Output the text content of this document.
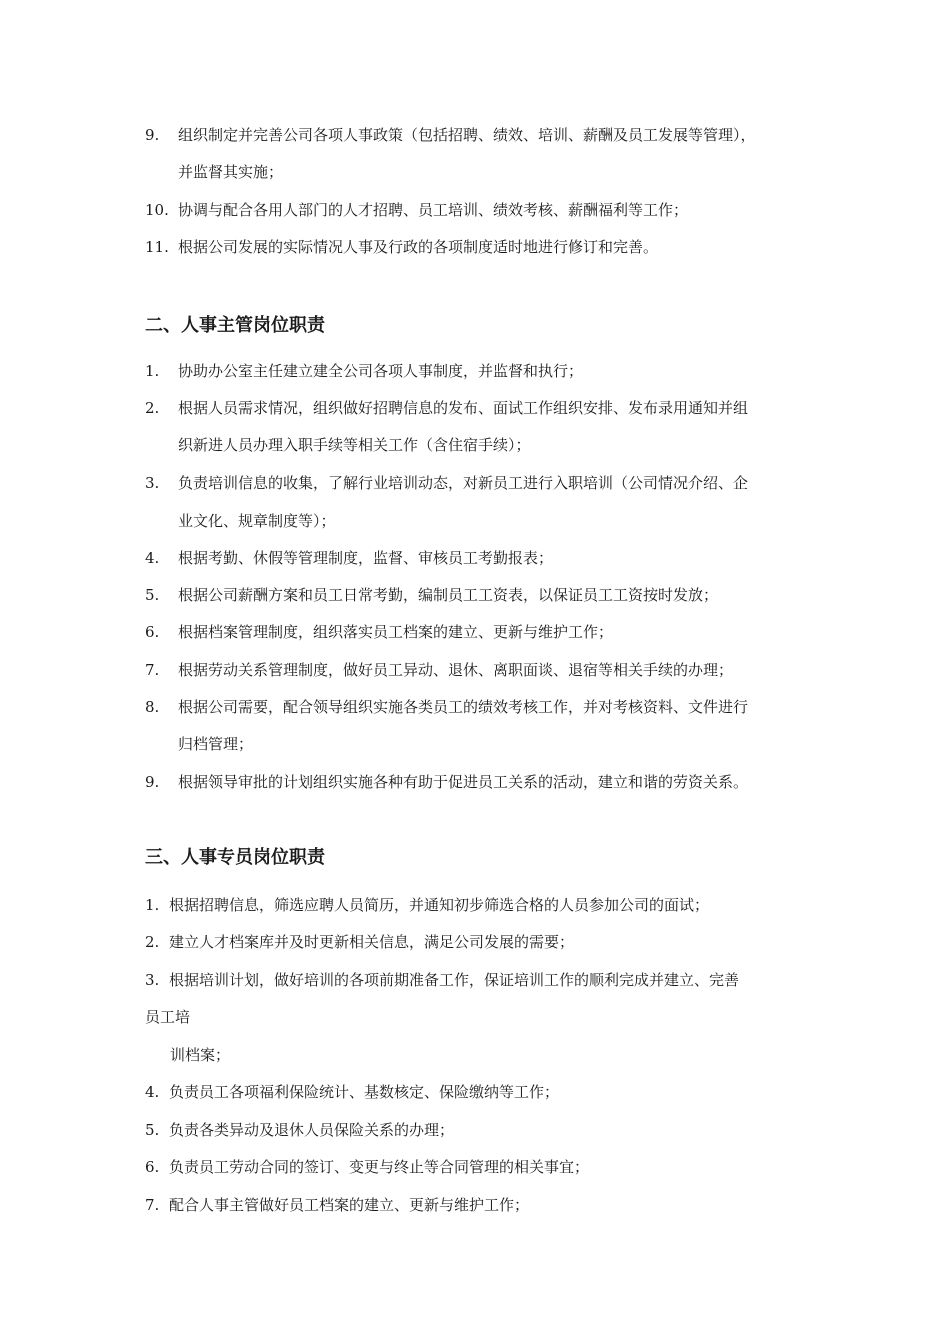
9. 组织制定并完善公司各项人事政策（包括招聘、绩效、培训、薪酬及员工发展等管理），
并监督其实施；
10. 协调与配合各用人部门的人才招聘、员工培训、绩效考核、薪酬福利等工作；
11. 根据公司发展的实际情况人事及行政的各项制度适时地进行修订和完善。
二、人事主管岗位职责
1. 协助办公室主任建立建全公司各项人事制度，并监督和执行；
2. 根据人员需求情况，组织做好招聘信息的发布、面试工作组织安排、发布录用通知并组
织新进人员办理入职手续等相关工作（含住宿手续）；
3. 负责培训信息的收集，了解行业培训动态，对新员工进行入职培训（公司情况介绍、企
业文化、规章制度等）；
4. 根据考勤、休假等管理制度，监督、审核员工考勤报表；
5. 根据公司薪酬方案和员工日常考勤，编制员工工资表，以保证员工工资按时发放；
6. 根据档案管理制度，组织落实员工档案的建立、更新与维护工作；
7. 根据劳动关系管理制度，做好员工异动、退休、离职面谈、退宿等相关手续的办理；
8. 根据公司需要，配合领导组织实施各类员工的绩效考核工作，并对考核资料、文件进行
归档管理；
9. 根据领导审批的计划组织实施各种有助于促进员工关系的活动，建立和谐的劳资关系。
三、人事专员岗位职责
1. 根据招聘信息，筛选应聘人员简历，并通知初步筛选合格的人员参加公司的面试；
2. 建立人才档案库并及时更新相关信息，满足公司发展的需要；
3. 根据培训计划，做好培训的各项前期准备工作，保证培训工作的顺利完成并建立、完善
员工培
训档案；
4. 负责员工各项福利保险统计、基数核定、保险缴纳等工作；
5. 负责各类异动及退休人员保险关系的办理；
6. 负责员工劳动合同的签订、变更与终止等合同管理的相关事宜；
7. 配合人事主管做好员工档案的建立、更新与维护工作；
